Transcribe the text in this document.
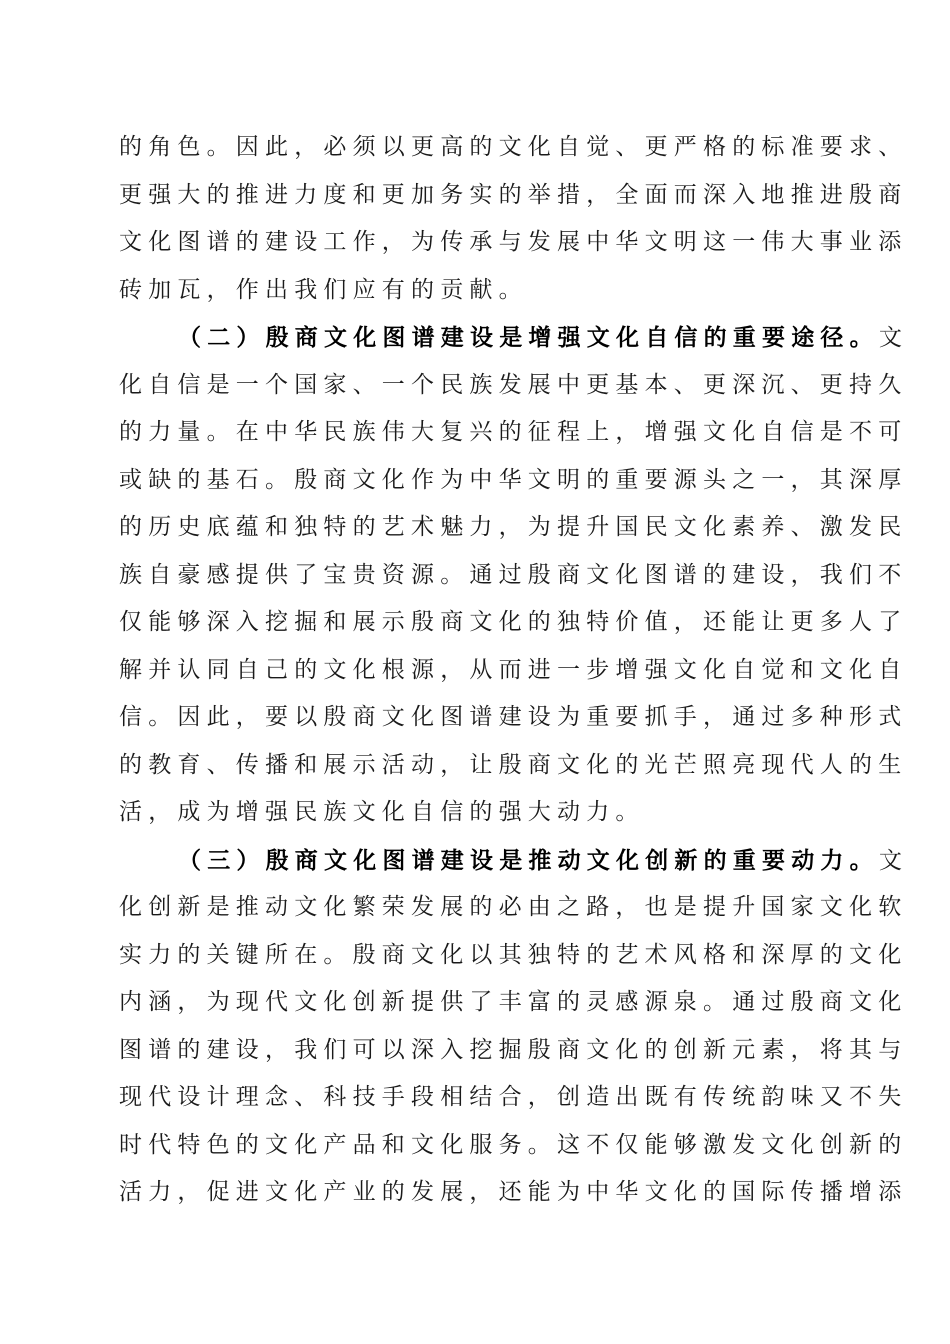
的角色。因此，必须以更高的文化自觉、更严格的标准要求、
更强大的推进力度和更加务实的举措，全面而深入地推进殷商
文化图谱的建设工作，为传承与发展中华文明这一伟大事业添
砖加瓦，作出我们应有的贡献。
（二）殷商文化图谱建设是增强文化自信的重要途径。文
化自信是一个国家、一个民族发展中更基本、更深沉、更持久
的力量。在中华民族伟大复兴的征程上，增强文化自信是不可
或缺的基石。殷商文化作为中华文明的重要源头之一，其深厚
的历史底蕴和独特的艺术魅力，为提升国民文化素养、激发民
族自豪感提供了宝贵资源。通过殷商文化图谱的建设，我们不
仅能够深入挖掘和展示殷商文化的独特价值，还能让更多人了
解并认同自己的文化根源，从而进一步增强文化自觉和文化自
信。因此，要以殷商文化图谱建设为重要抓手，通过多种形式
的教育、传播和展示活动，让殷商文化的光芒照亮现代人的生
活，成为增强民族文化自信的强大动力。
（三）殷商文化图谱建设是推动文化创新的重要动力。文
化创新是推动文化繁荣发展的必由之路，也是提升国家文化软
实力的关键所在。殷商文化以其独特的艺术风格和深厚的文化
内涵，为现代文化创新提供了丰富的灵感源泉。通过殷商文化
图谱的建设，我们可以深入挖掘殷商文化的创新元素，将其与
现代设计理念、科技手段相结合，创造出既有传统韵味又不失
时代特色的文化产品和文化服务。这不仅能够激发文化创新的
活力，促进文化产业的发展，还能为中华文化的国际传播增添
